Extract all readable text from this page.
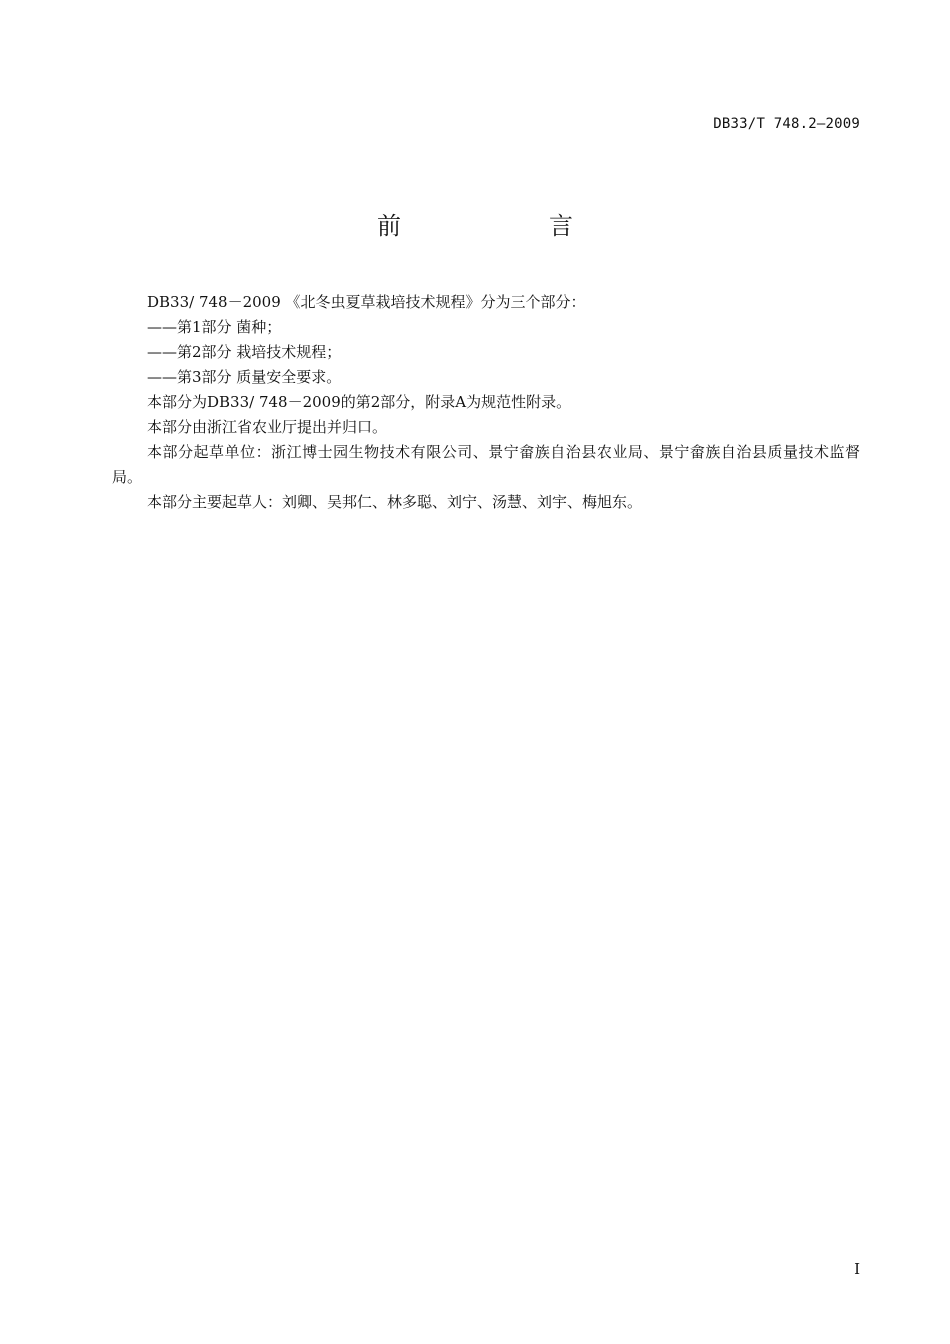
DB33/T 748.2—2009
前　言

DB33/ 748－2009 《北冬虫夏草栽培技术规程》分为三个部分：

——第1部分 菌种；

——第2部分 栽培技术规程；

——第3部分 质量安全要求。

本部分为DB33/ 748－2009的第2部分，附录A为规范性附录。

本部分由浙江省农业厅提出并归口。

本部分起草单位：浙江博士园生物技术有限公司、景宁畲族自治县农业局、景宁畲族自治县质量技术监督局。

本部分主要起草人：刘卿、吴邦仁、林多聪、刘宁、汤慧、刘宇、梅旭东。

I
